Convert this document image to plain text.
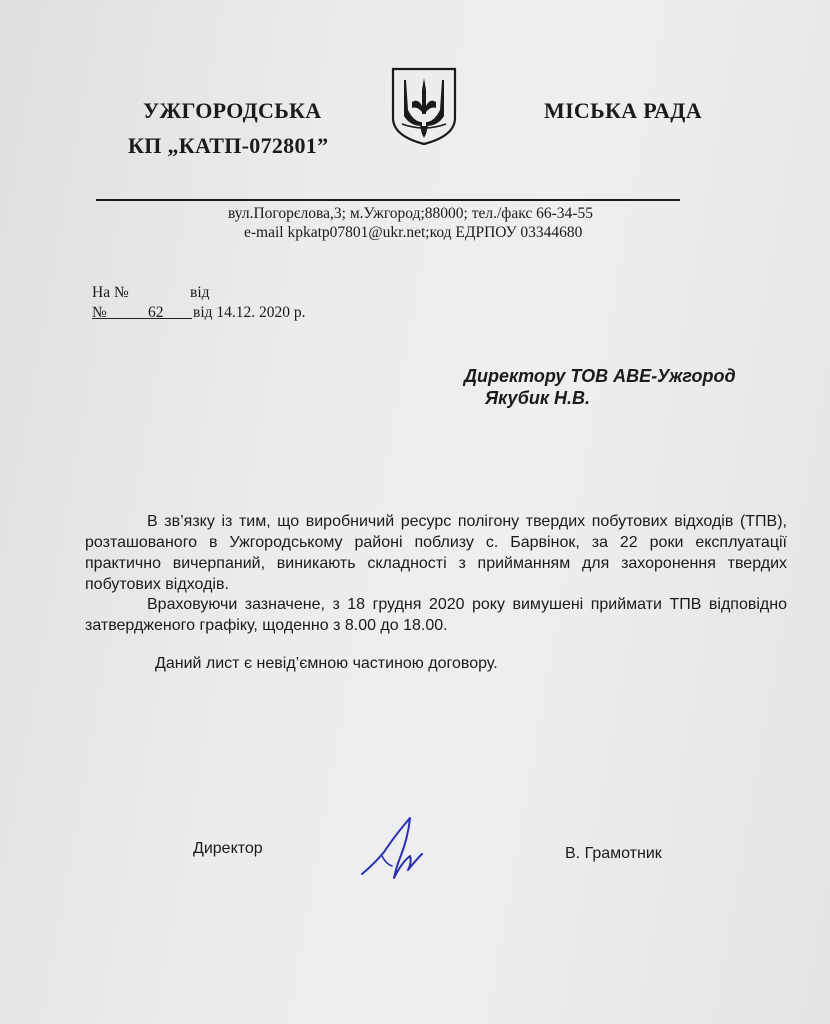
УЖГОРОДСЬКА	МІСЬКА РАДА
КП „КАТП-072801”
вул.Погорєлова,3; м.Ужгород;88000; тел./факс 66-34-55
e-mail kpkatp07801@ukr.net;код ЕДРПОУ 03344680
На №	від
№	62 від 14.12. 2020 р.
Директору ТОВ АВЕ-Ужгород
Якубик Н.В.
В зв’язку із тим, що виробничий ресурс полігону твердих побутових відходів (ТПВ), розташованого в Ужгородському районі поблизу с. Барвінок, за 22 роки експлуатації практично вичерпаний, виникають складності з прийманням для захоронення твердих побутових відходів.
Враховуючи зазначене, з 18 грудня 2020 року вимушені приймати ТПВ відповідно затвердженого графіку, щоденно з 8.00 до 18.00.
Даний лист є невід’ємною частиною договору.
Директор	В. Грамотник
